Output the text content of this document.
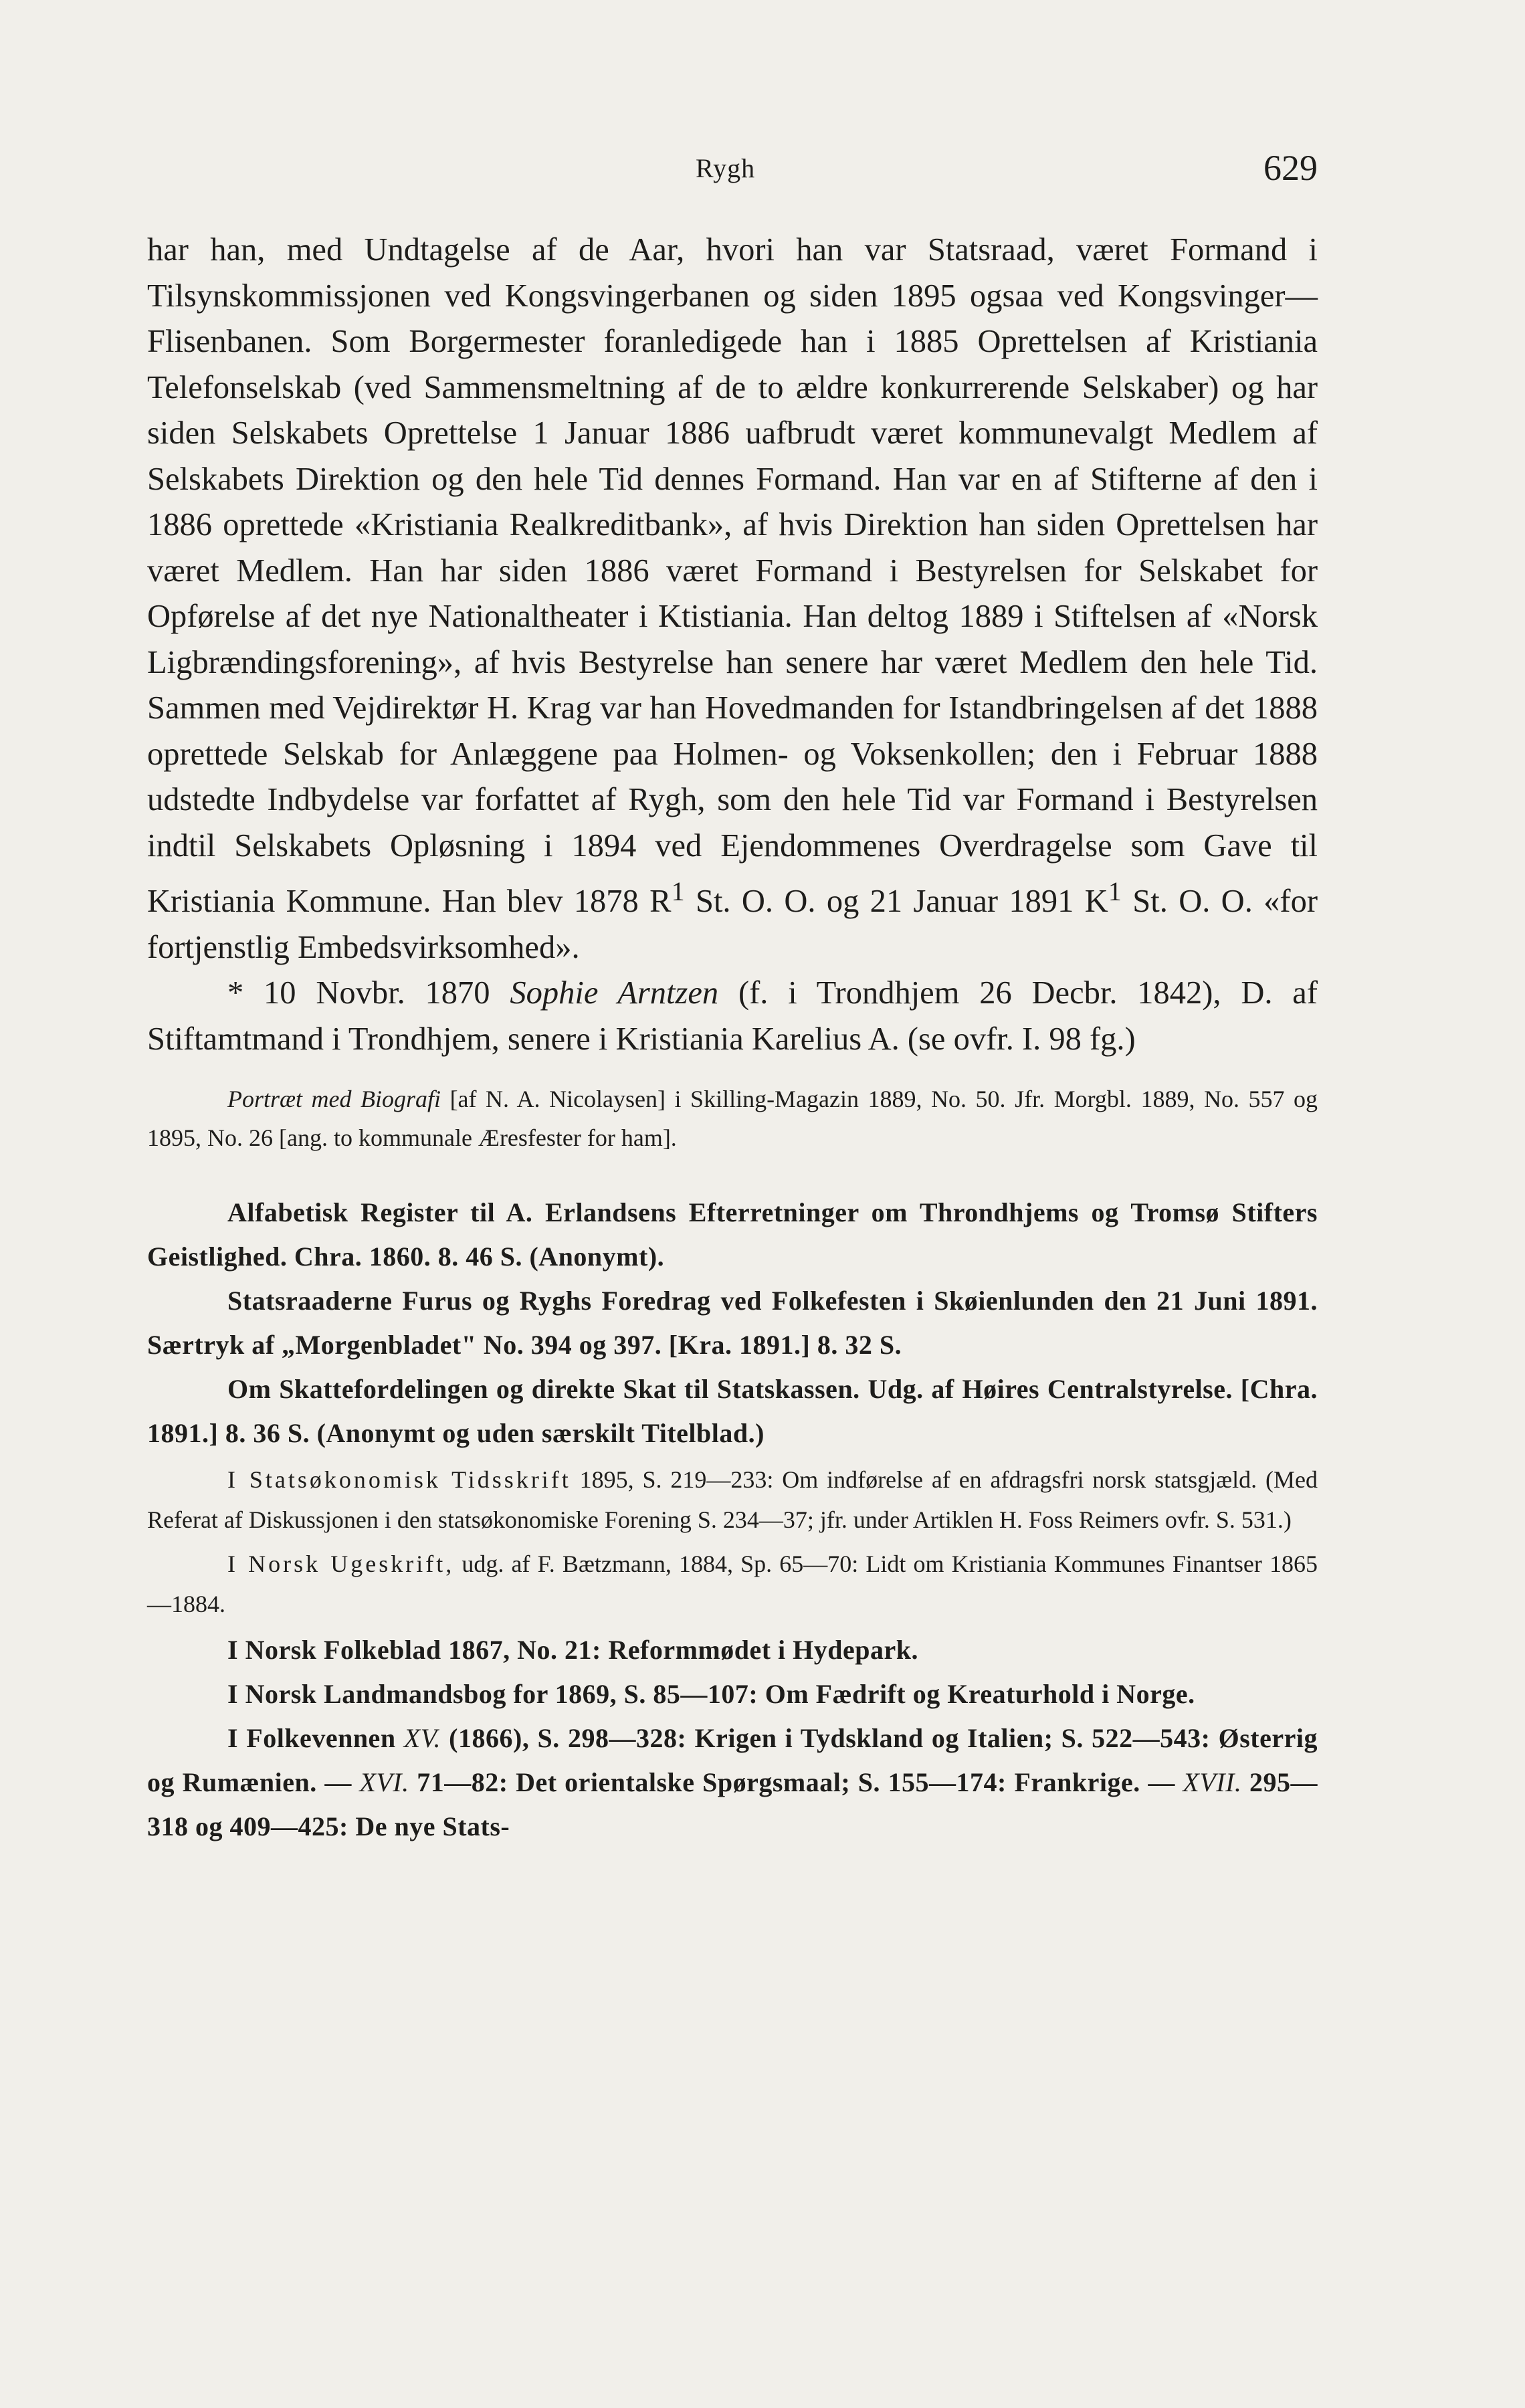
Rygh	629

har han, med Undtagelse af de Aar, hvori han var Statsraad, været Formand i Tilsynskommissjonen ved Kongsvingerbanen og siden 1895 ogsaa ved Kongsvinger—Flisenbanen. Som Borgermester foranledigede han i 1885 Oprettelsen af Kristiania Telefonselskab (ved Sammensmeltning af de to ældre konkurrerende Selskaber) og har siden Selskabets Oprettelse 1 Januar 1886 uafbrudt været kommunevalgt Medlem af Selskabets Direktion og den hele Tid dennes Formand. Han var en af Stifterne af den i 1886 oprettede «Kristiania Realkreditbank», af hvis Direktion han siden Oprettelsen har været Medlem. Han har siden 1886 været Formand i Bestyrelsen for Selskabet for Opførelse af det nye Nationaltheater i Ktistiania. Han deltog 1889 i Stiftelsen af «Norsk Ligbrændingsforening», af hvis Bestyrelse han senere har været Medlem den hele Tid. Sammen med Vejdirektør H. Krag var han Hovedmanden for Istandbringelsen af det 1888 oprettede Selskab for Anlæggene paa Holmen- og Voksenkollen; den i Februar 1888 udstedte Indbydelse var forfattet af Rygh, som den hele Tid var Formand i Bestyrelsen indtil Selskabets Opløsning i 1894 ved Ejendommenes Overdragelse som Gave til Kristiania Kommune. Han blev 1878 $R^1$ St. O. O. og 21 Januar 1891 $K^1$ St. O. O. «for fortjenstlig Embedsvirksomhed».

* 10 Novbr. 1870 Sophie Arntzen (f. i Trondhjem 26 Decbr. 1842), D. af Stiftamtmand i Trondhjem, senere i Kristiania Karelius A. (se ovfr. I. 98 fg.)

Portræt med Biografi [af N. A. Nicolaysen] i Skilling-Magazin 1889, No. 50. Jfr. Morgbl. 1889, No. 557 og 1895, No. 26 [ang. to kommunale Æresfester for ham].

Alfabetisk Register til A. Erlandsens Efterretninger om Throndhjems og Tromsø Stifters Geistlighed. Chra. 1860. 8. 46 S. (Anonymt).

Statsraaderne Furus og Ryghs Foredrag ved Folkefesten i Skøienlunden den 21 Juni 1891. Særtryk af „Morgenbladet" No. 394 og 397. [Kra. 1891.] 8. 32 S.

Om Skattefordelingen og direkte Skat til Statskassen. Udg. af Høires Centralstyrelse. [Chra. 1891.] 8. 36 S. (Anonymt og uden særskilt Titelblad.)

I Statsøkonomisk Tidsskrift 1895, S. 219—233: Om indførelse af en afdragsfri norsk statsgjæld. (Med Referat af Diskussjonen i den statsøkonomiske Forening S. 234—37; jfr. under Artiklen H. Foss Reimers ovfr. S. 531.)

I Norsk Ugeskrift, udg. af F. Bætzmann, 1884, Sp. 65—70: Lidt om Kristiania Kommunes Finantser 1865—1884.

I Norsk Folkeblad 1867, No. 21: Reformmødet i Hydepark.

I Norsk Landmandsbog for 1869, S. 85—107: Om Fædrift og Kreaturhold i Norge.

I Folkevennen XV. (1866), S. 298—328: Krigen i Tydskland og Italien; S. 522—543: Østerrig og Rumænien. — XVI. 71—82: Det orientalske Spørgsmaal; S. 155—174: Frankrige. — XVII. 295—318 og 409—425: De nye Stats-
